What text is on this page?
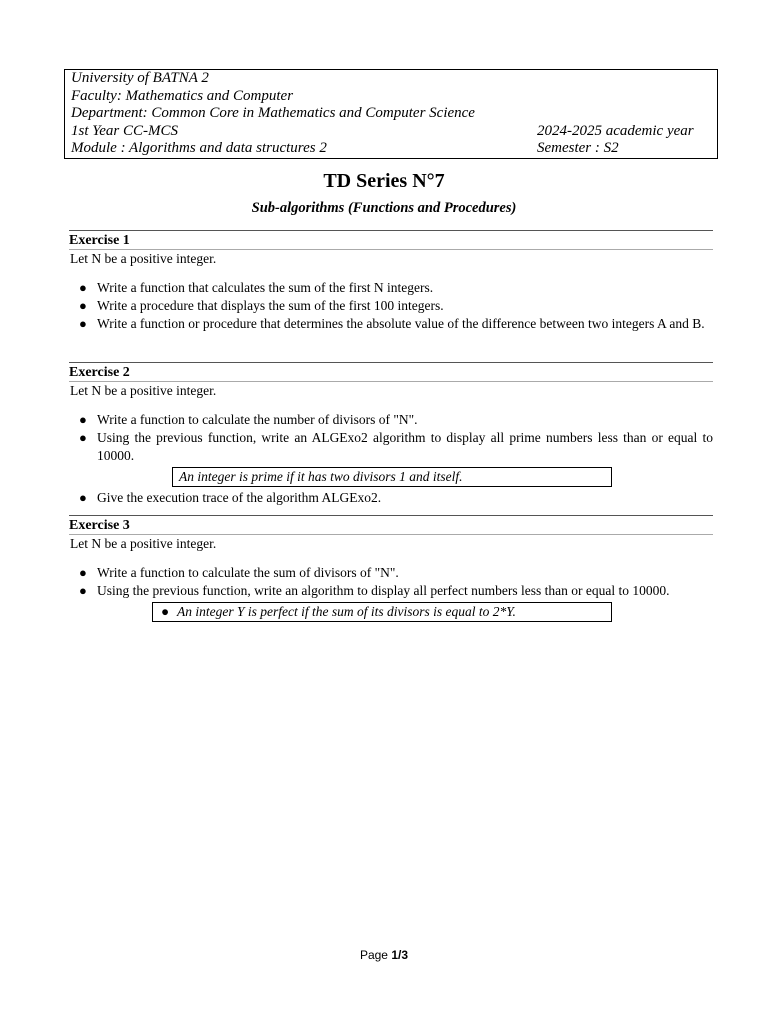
University of BATNA 2
Faculty: Mathematics and Computer
Department: Common Core in Mathematics and Computer Science
1st Year CC-MCS	2024-2025 academic year
Module : Algorithms and data structures 2	Semester : S2
TD Series N°7
Sub-algorithms (Functions and Procedures)
Exercise 1

Let N be a positive integer.

● Write a function that calculates the sum of the first N integers.
● Write a procedure that displays the sum of the first 100 integers.
● Write a function or procedure that determines the absolute value of the difference between two integers A and B.
Exercise 2

Let N be a positive integer.

● Write a function to calculate the number of divisors of "N".
● Using the previous function, write an ALGExo2 algorithm to display all prime numbers less than or equal to 10000.
An integer is prime if it has two divisors 1 and itself.
● Give the execution trace of the algorithm ALGExo2.
Exercise 3

Let N be a positive integer.

● Write a function to calculate the sum of divisors of "N".
● Using the previous function, write an algorithm to display all perfect numbers less than or equal to 10000.
● An integer Y is perfect if the sum of its divisors is equal to 2*Y.
Page 1/3
